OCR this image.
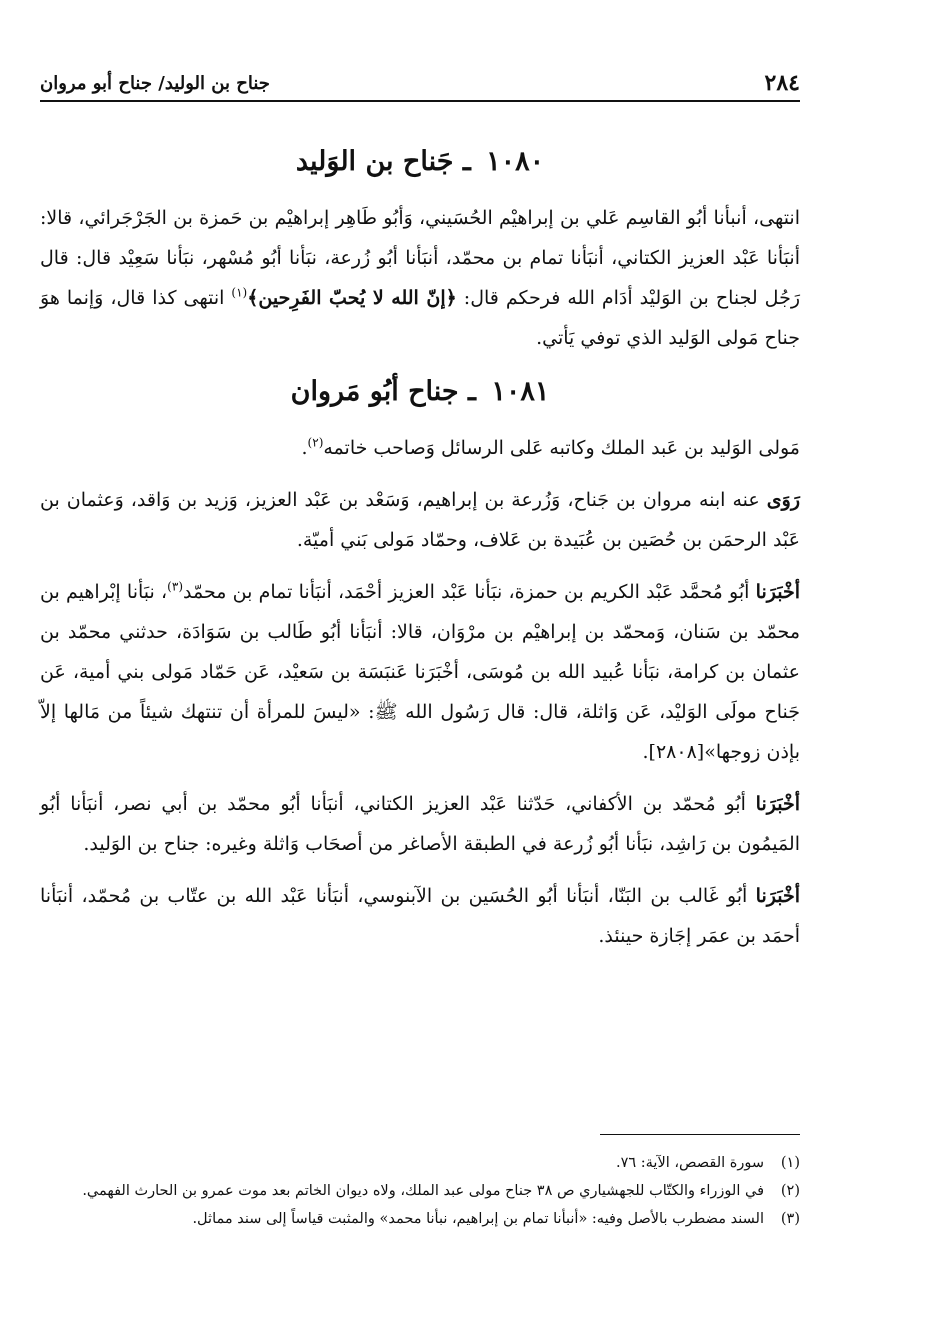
٢٨٤
جناح بن الوليد/ جناح أبو مروان
١٠٨٠ ـ جَناح بن الوَليد

انتهى، أنبأنا أبُو القاسِم عَلي بن إبراهيْم الحُسَيني، وَأبُو طَاهِر إبراهيْم بن حَمزة بن الجَرْجَرائي، قالا: أنبَأنا عَبْد العزيز الكتاني، أنبَأنا تمام بن محمّد، أنبَأنا أبُو زُرعة، نبَأنا أبُو مُسْهر، نبَأنا سَعِيْد قال: قال رَجُل لجناح بن الوَليْد أدَام الله فرحكم قال: ﴿إنّ الله لا يُحبّ الفَرِحين﴾$^{(١)}$ انتهى كذا قال، وَإنما هوَ جناح مَولى الوَليد الذي توفي يَأتي.

١٠٨١ ـ جناح أبُو مَروان

مَولى الوَليد بن عَبد الملك وكاتبه عَلى الرسائل وَصاحب خاتمه$^{(٢)}$.

رَوَى عنه ابنه مروان بن جَناح، وَزُرعة بن إبراهيم، وَسَعْد بن عَبْد العزيز، وَزيد بن وَاقد، وَعثمان بن عَبْد الرحمَن بن حُصَين بن عُبَيدة بن عَلاف، وحمّاد مَولى بَني أميّة.

أخْبَرَنا أبُو مُحمَّد عَبْد الكريم بن حمزة، نبَأنا عَبْد العزيز أحْمَد، أنبَأنا تمام بن محمّد$^{(٣)}$، نبَأنا إبْراهيم بن محمّد بن سَنان، وَمحمّد بن إبراهيْم بن مرْوَان، قالا: أنبَأنا أبُو طَالب بن سَوَادَة، حدثني محمّد بن عثمان بن كرامة، نبَأنا عُبيد الله بن مُوسَى، أخْبَرَنا عَنبَسَة بن سَعيْد، عَن حَمّاد مَولى بني أمية، عَن جَناح مولَى الوَليْد، عَن وَاثلة، قال: قال رَسُول الله ﷺ: «ليسَ للمرأة أن تنتهك شيئاً من مَالها إلاّ بإذن زوجها»[٢٨٠٨].

أخْبَرَنا أبُو مُحمّد بن الأكفاني، حَدّثنا عَبْد العزيز الكتاني، أنبَأنا أبُو محمّد بن أبي نصر، أنبَأنا أبُو المَيمُون بن رَاشِد، نبَأنا أبُو زُرعة في الطبقة الأصاغر من أصحَاب وَاثلة وغيره: جناح بن الوَليد.

أخْبَرَنا أبُو غَالب بن البَنّا، أنبَأنا أبُو الحُسَين بن الآبنوسي، أنبَأنا عَبْد الله بن عتّاب بن مُحمّد، أنبَأنا أحمَد بن عمَر إجَازة حينئذ.

(١)
سورة القصص، الآية: ٧٦.
(٢)
في الوزراء والكتّاب للجهشياري ص ٣٨ جناح مولى عبد الملك، ولاه ديوان الخاتم بعد موت عمرو بن الحارث الفهمي.
(٣)
السند مضطرب بالأصل وفيه: «أنبأنا تمام بن إبراهيم، نبأنا محمد» والمثبت قياساً إلى سند مماثل.
